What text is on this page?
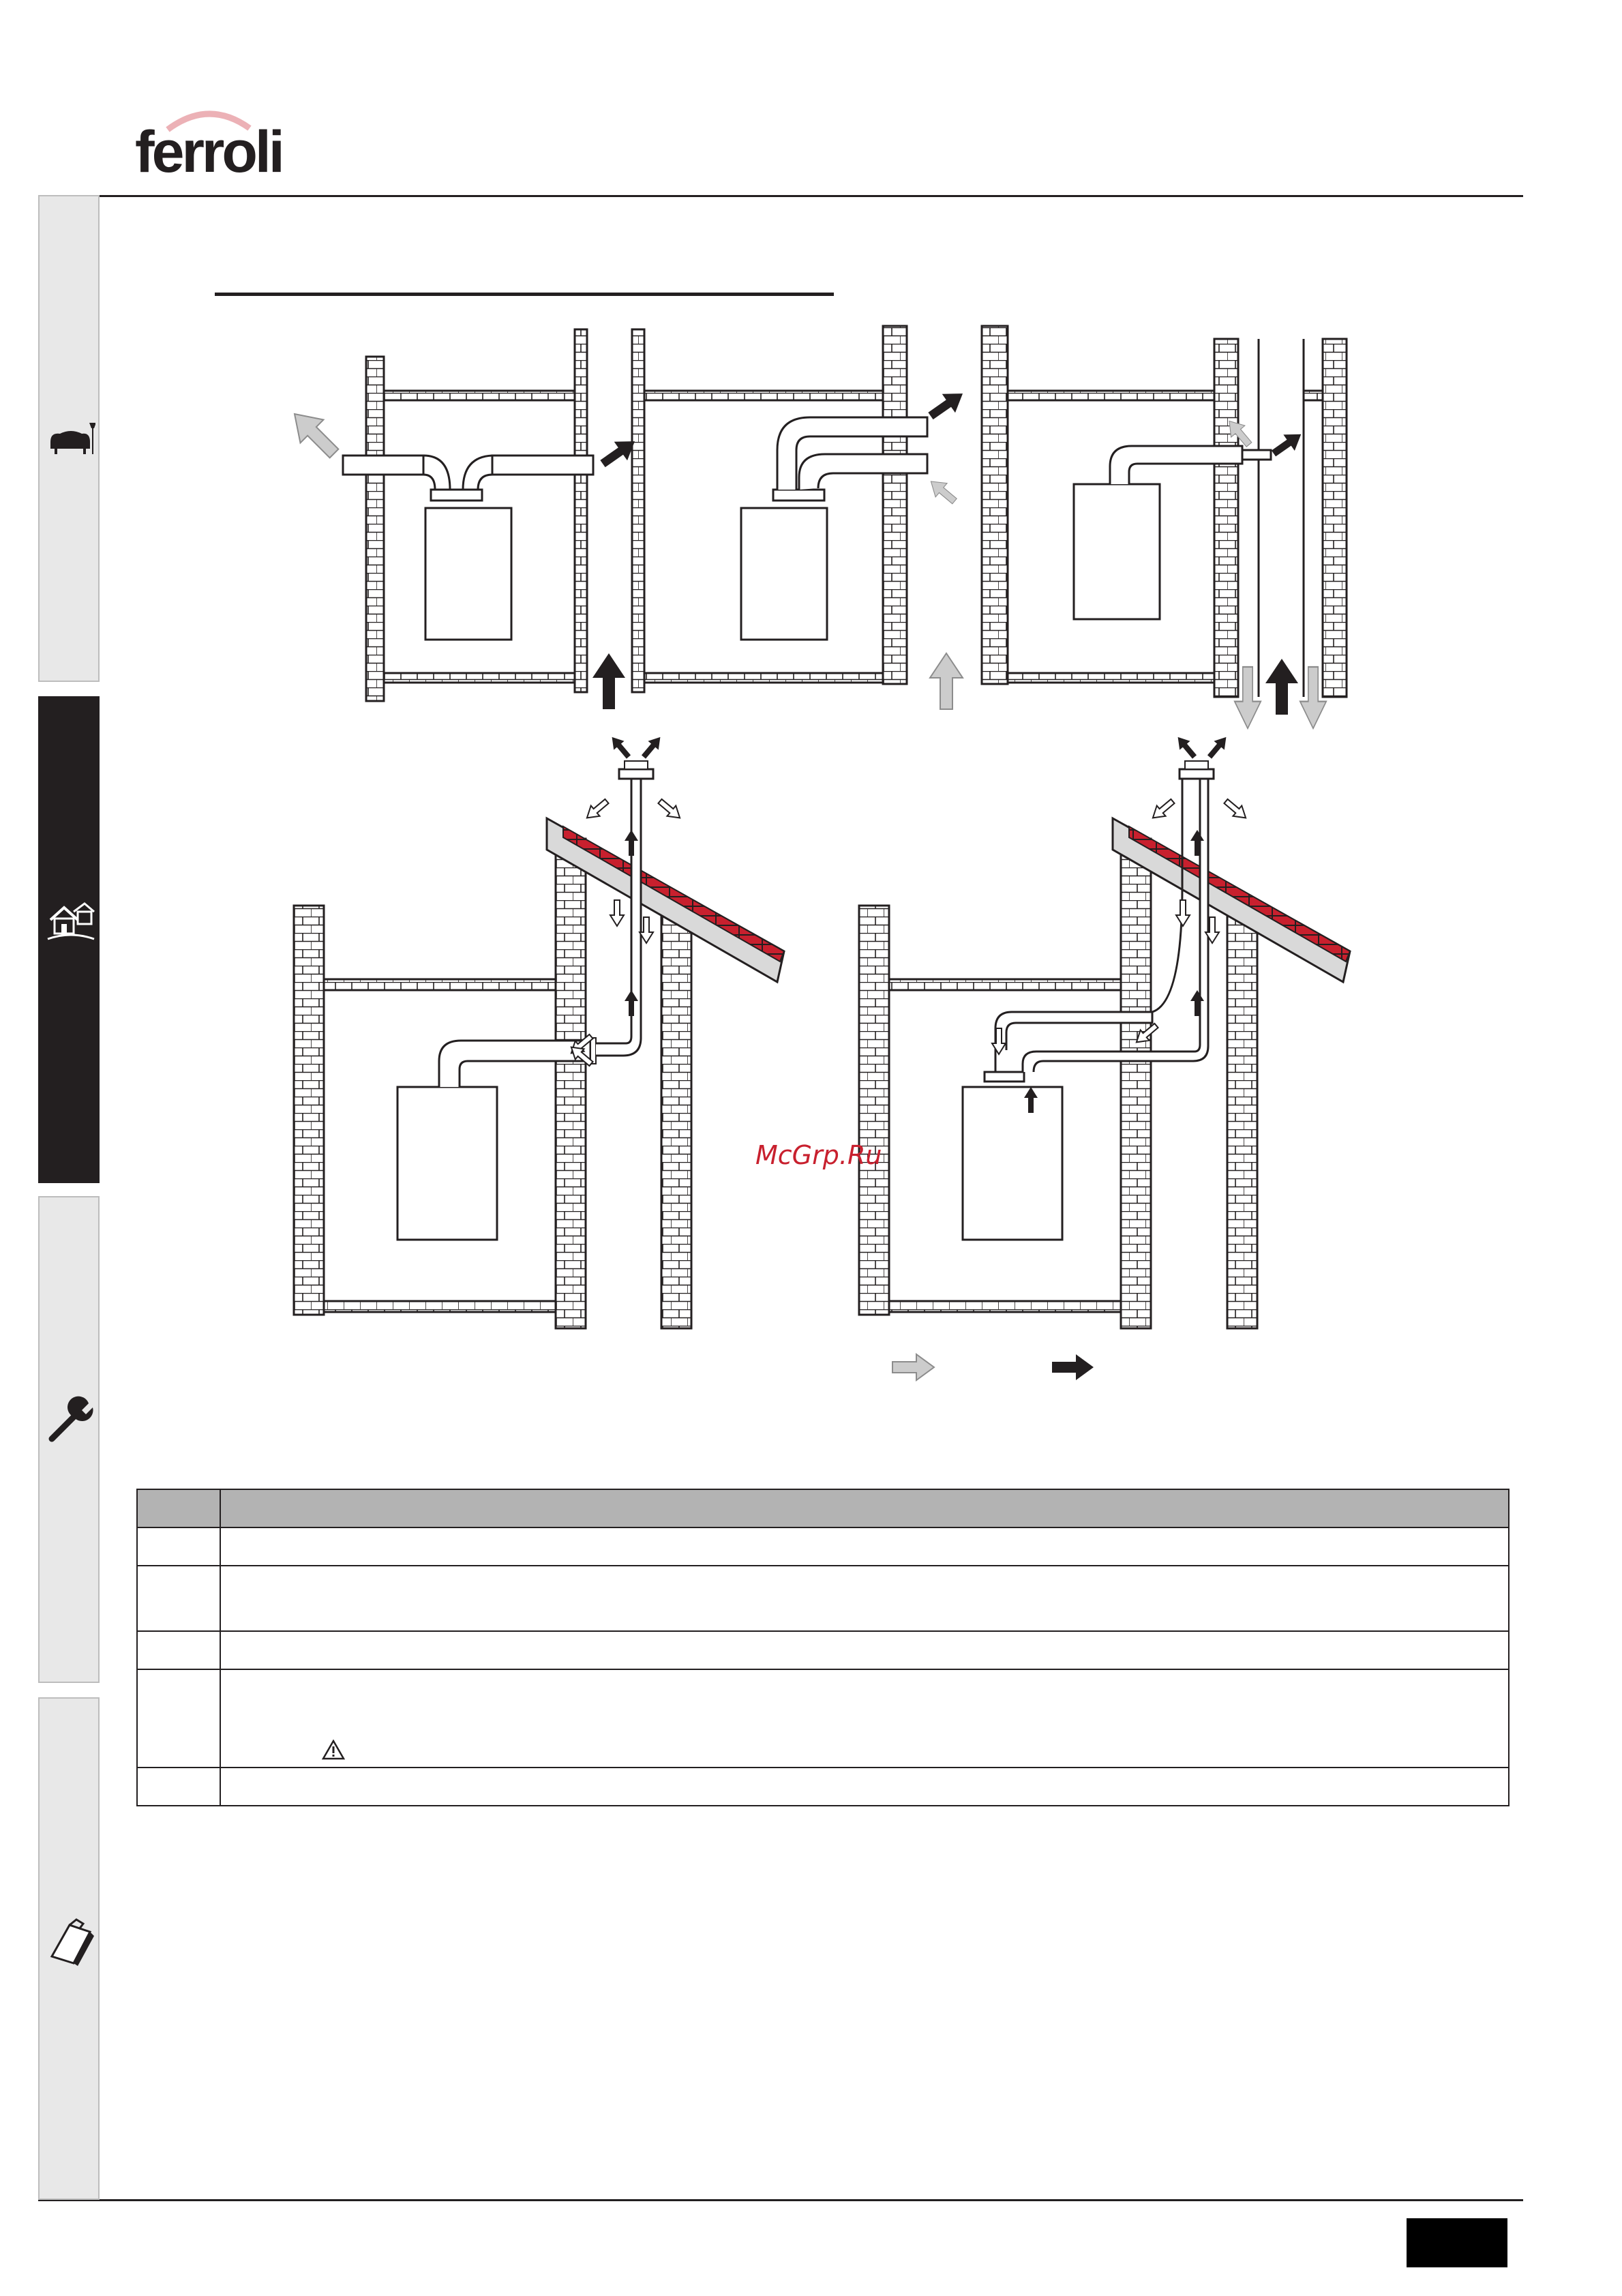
ferroli
McGrp.Ru
